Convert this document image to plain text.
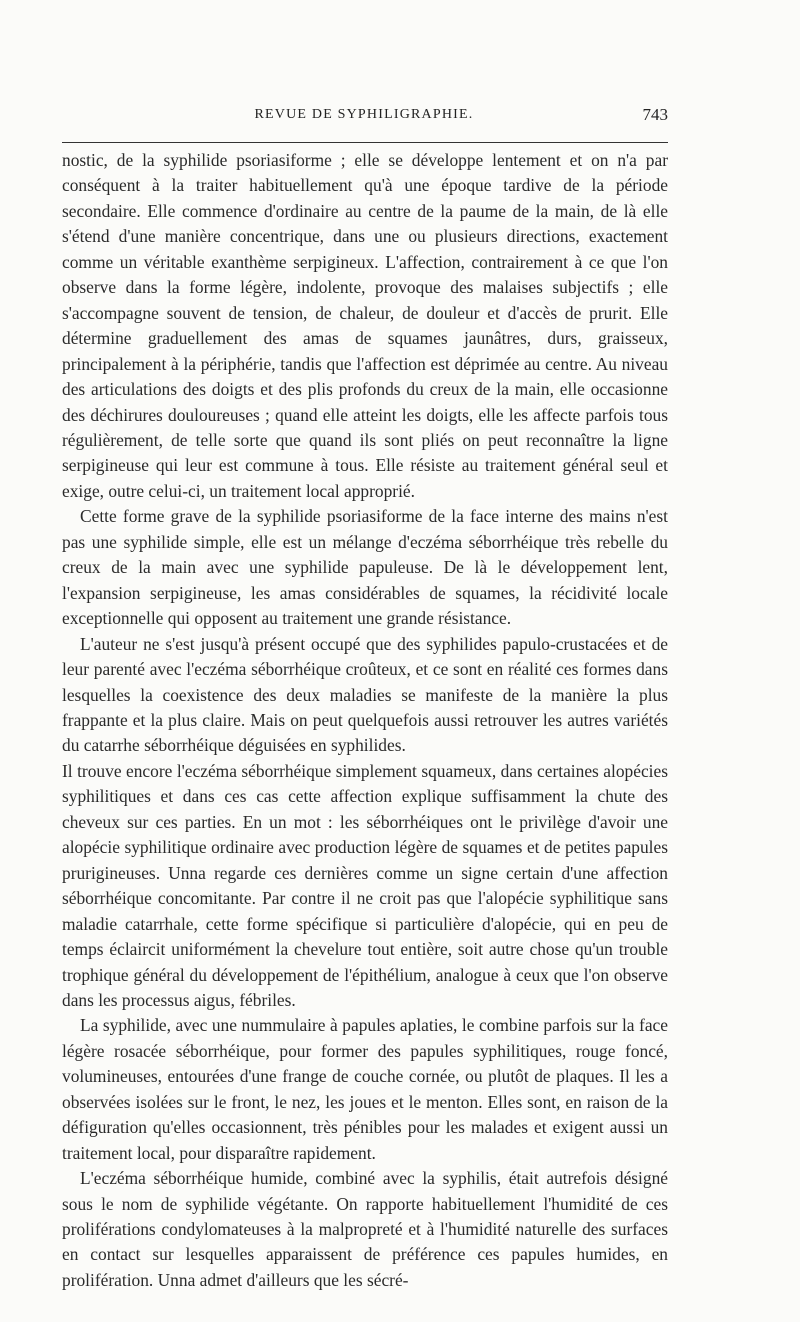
REVUE DE SYPHILIGRAPHIE.	743

nostic, de la syphilide psoriasiforme ; elle se développe lentement et on n'a par conséquent à la traiter habituellement qu'à une époque tardive de la période secondaire. Elle commence d'ordinaire au centre de la paume de la main, de là elle s'étend d'une manière concentrique, dans une ou plusieurs directions, exactement comme un véritable exanthème serpigineux. L'affection, contrairement à ce que l'on observe dans la forme légère, indolente, provoque des malaises subjectifs ; elle s'accompagne souvent de tension, de chaleur, de douleur et d'accès de prurit. Elle détermine graduellement des amas de squames jaunâtres, durs, graisseux, principalement à la périphérie, tandis que l'affection est déprimée au centre. Au niveau des articulations des doigts et des plis profonds du creux de la main, elle occasionne des déchirures douloureuses ; quand elle atteint les doigts, elle les affecte parfois tous régulièrement, de telle sorte que quand ils sont pliés on peut reconnaître la ligne serpigineuse qui leur est commune à tous. Elle résiste au traitement général seul et exige, outre celui-ci, un traitement local approprié.

Cette forme grave de la syphilide psoriasiforme de la face interne des mains n'est pas une syphilide simple, elle est un mélange d'eczéma séborrhéique très rebelle du creux de la main avec une syphilide papuleuse. De là le développement lent, l'expansion serpigineuse, les amas considérables de squames, la récidivité locale exceptionnelle qui opposent au traitement une grande résistance.

L'auteur ne s'est jusqu'à présent occupé que des syphilides papulo-crustacées et de leur parenté avec l'eczéma séborrhéique croûteux, et ce sont en réalité ces formes dans lesquelles la coexistence des deux maladies se manifeste de la manière la plus frappante et la plus claire. Mais on peut quelquefois aussi retrouver les autres variétés du catarrhe séborrhéique déguisées en syphilides.

Il trouve encore l'eczéma séborrhéique simplement squameux, dans certaines alopécies syphilitiques et dans ces cas cette affection explique suffisamment la chute des cheveux sur ces parties. En un mot : les séborrhéiques ont le privilège d'avoir une alopécie syphilitique ordinaire avec production légère de squames et de petites papules prurigineuses. Unna regarde ces dernières comme un signe certain d'une affection séborrhéique concomitante. Par contre il ne croit pas que l'alopécie syphilitique sans maladie catarrhale, cette forme spécifique si particulière d'alopécie, qui en peu de temps éclaircit uniformément la chevelure tout entière, soit autre chose qu'un trouble trophique général du développement de l'épithélium, analogue à ceux que l'on observe dans les processus aigus, fébriles.

La syphilide, avec une nummulaire à papules aplaties, le combine parfois sur la face légère rosacée séborrhéique, pour former des papules syphilitiques, rouge foncé, volumineuses, entourées d'une frange de couche cornée, ou plutôt de plaques. Il les a observées isolées sur le front, le nez, les joues et le menton. Elles sont, en raison de la défiguration qu'elles occasionnent, très pénibles pour les malades et exigent aussi un traitement local, pour disparaître rapidement.

L'eczéma séborrhéique humide, combiné avec la syphilis, était autrefois désigné sous le nom de syphilide végétante. On rapporte habituellement l'humidité de ces proliférations condylomateuses à la malpropreté et à l'humidité naturelle des surfaces en contact sur lesquelles apparaissent de préférence ces papules humides, en prolifération. Unna admet d'ailleurs que les sécré-
